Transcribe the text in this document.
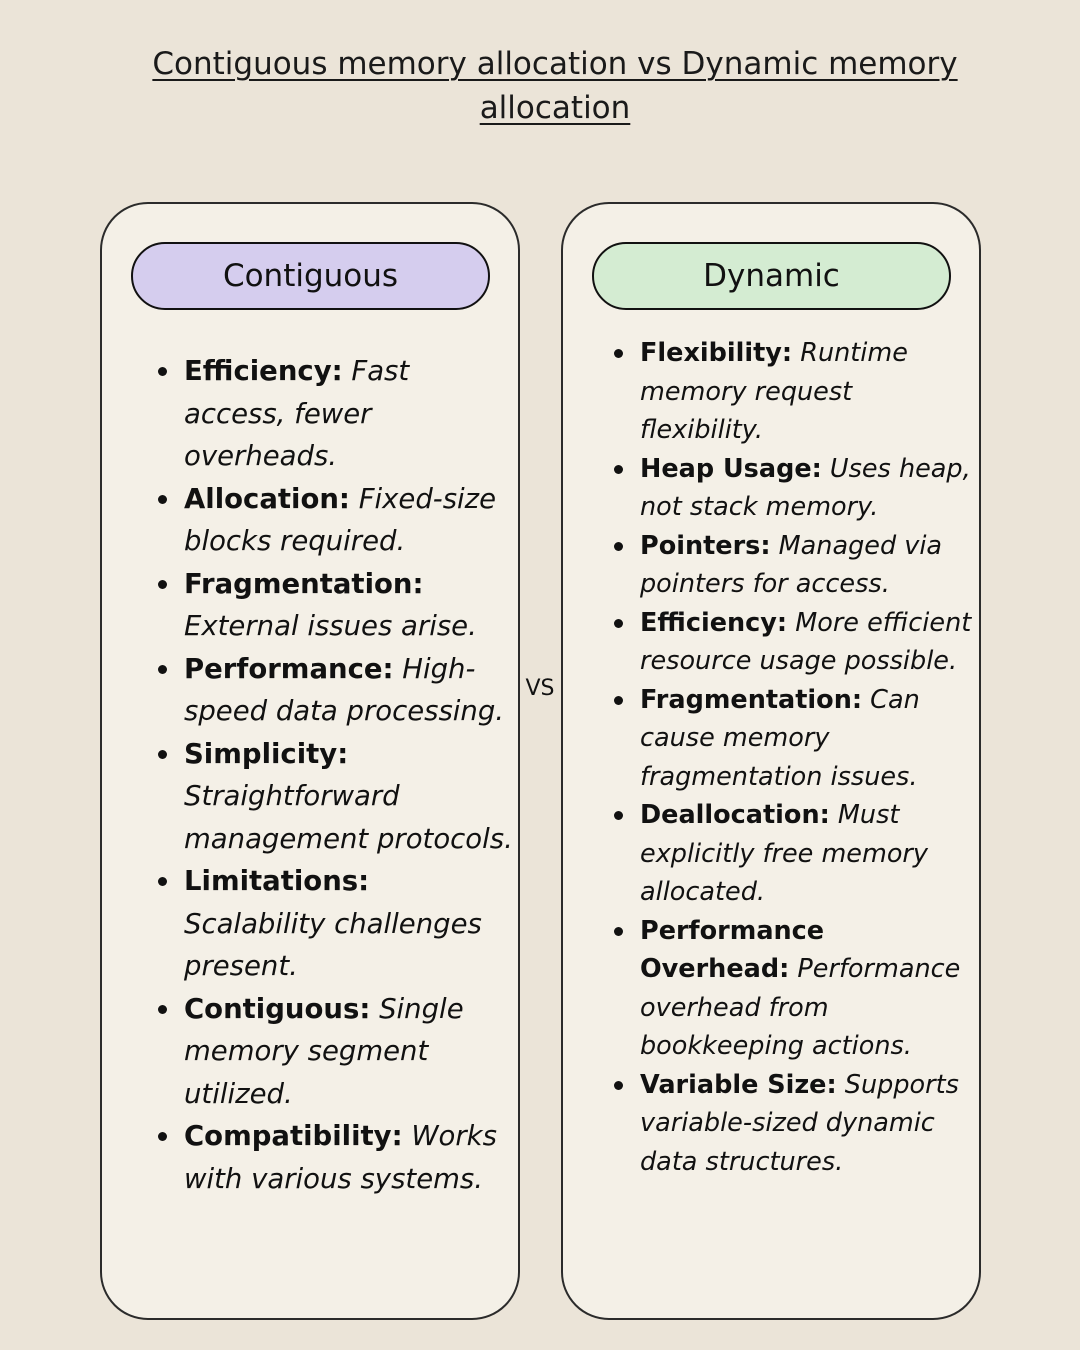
Contiguous memory allocation vs Dynamic memory allocation
Contiguous
Efficiency: Fast access, fewer overheads.
Allocation: Fixed-size blocks required.
Fragmentation: External issues arise.
Performance: High-speed data processing.
Simplicity: Straightforward management protocols.
Limitations: Scalability challenges present.
Contiguous: Single memory segment utilized.
Compatibility: Works with various systems.
VS
Dynamic
Flexibility: Runtime memory request flexibility.
Heap Usage: Uses heap, not stack memory.
Pointers: Managed via pointers for access.
Efficiency: More efficient resource usage possible.
Fragmentation: Can cause memory fragmentation issues.
Deallocation: Must explicitly free memory allocated.
Performance Overhead: Performance overhead from bookkeeping actions.
Variable Size: Supports variable-sized dynamic data structures.
